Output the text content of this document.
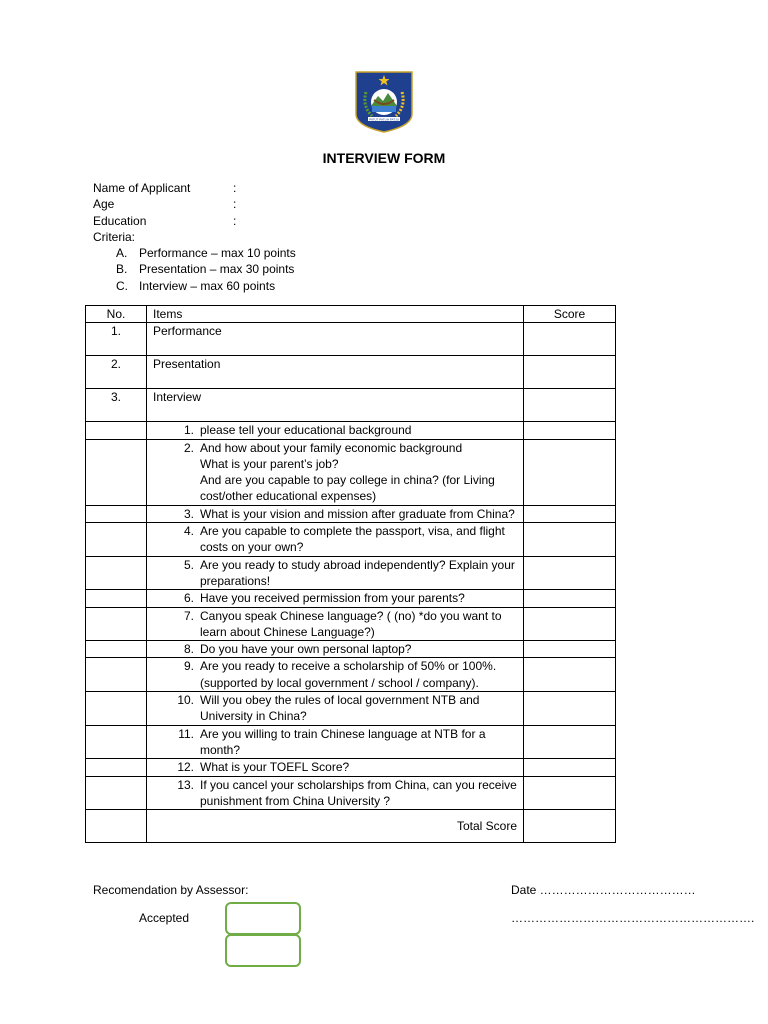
PATUT PATUH PATJU
INTERVIEW FORM
Name of Applicant	:
Age	:
Education	:
Criteria:
A. Performance – max 10 points
B. Presentation – max 30 points
C. Interview – max 60 points
No.	Items	Score
1.	Performance	
2.	Presentation	
3.	Interview	

	1. please tell your educational background	

	2. And how about your family economic background
What is your parent’s job?
And are you capable to pay college in china? (for Living cost/other educational expenses)	

	3. What is your vision and mission after graduate from China?	

	4. Are you capable to complete the passport, visa, and flight costs on your own?	

	5. Are you ready to study abroad independently? Explain your preparations!	

	6. Have you received permission from your parents?	

	7. Canyou speak Chinese language? ( (no) *do you want to learn about Chinese Language?)	

	8. Do you have your own personal laptop?	

	9. Are you ready to receive a scholarship of 50% or 100%. (supported by local government / school / company).	

	10. Will you obey the rules of local government NTB and University in China?	

	11. Are you willing to train Chinese language at NTB for a month?	

	12. What is your TOEFL Score?	

	13. If you cancel your scholarships from China, can you receive punishment from China University ?	

	Total Score	
Recomendation by Assessor:	Date …………………………………
Accepted	…………………………………………………….
